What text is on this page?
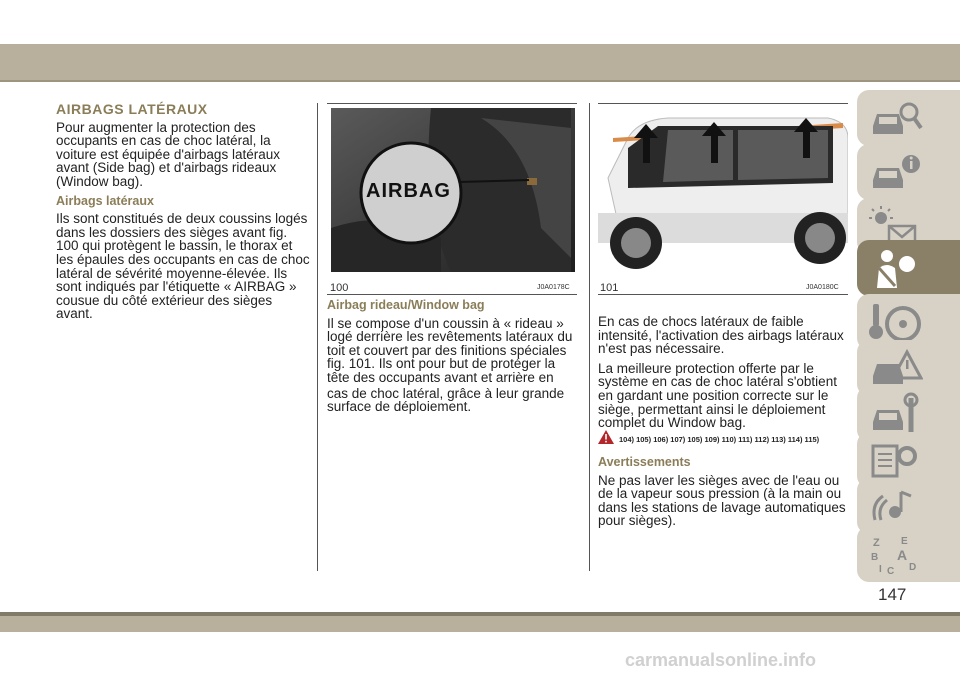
AIRBAGS LATÉRAUX

Pour augmenter la protection des occupants en cas de choc latéral, la voiture est équipée d'airbags latéraux avant (Side bag) et d'airbags rideaux (Window bag).

Airbags latéraux

Ils sont constitués de deux coussins logés dans les dossiers des sièges avant fig. 100 qui protègent le bassin, le thorax et les épaules des occupants en cas de choc latéral de sévérité moyenne-élevée. Ils sont indiqués par l'étiquette « AIRBAG » cousue du côté extérieur des sièges avant.

AIRBAG
100	J0A0178C
Airbag rideau/Window bag

Il se compose d'un coussin à « rideau » logé derrière les revêtements latéraux du toit et couvert par des finitions spéciales fig. 101. Ils ont pour but de protéger la tête des occupants avant et arrière en

cas de choc latéral, grâce à leur grande surface de déploiement.

101	J0A0180C

En cas de chocs latéraux de faible intensité, l'activation des airbags latéraux n'est pas nécessaire.

La meilleure protection offerte par le système en cas de choc latéral s'obtient en gardant une position correcte sur le siège, permettant ainsi le déploiement complet du Window bag.

104) 105) 106) 107) 105) 109) 110) 111) 112) 113) 114) 115)
Avertissements

Ne pas laver les sièges avec de l'eau ou de la vapeur sous pression (à la main ou dans les stations de lavage automatiques pour sièges).

Z E
B A
I C D
147
carmanualsonline.info
